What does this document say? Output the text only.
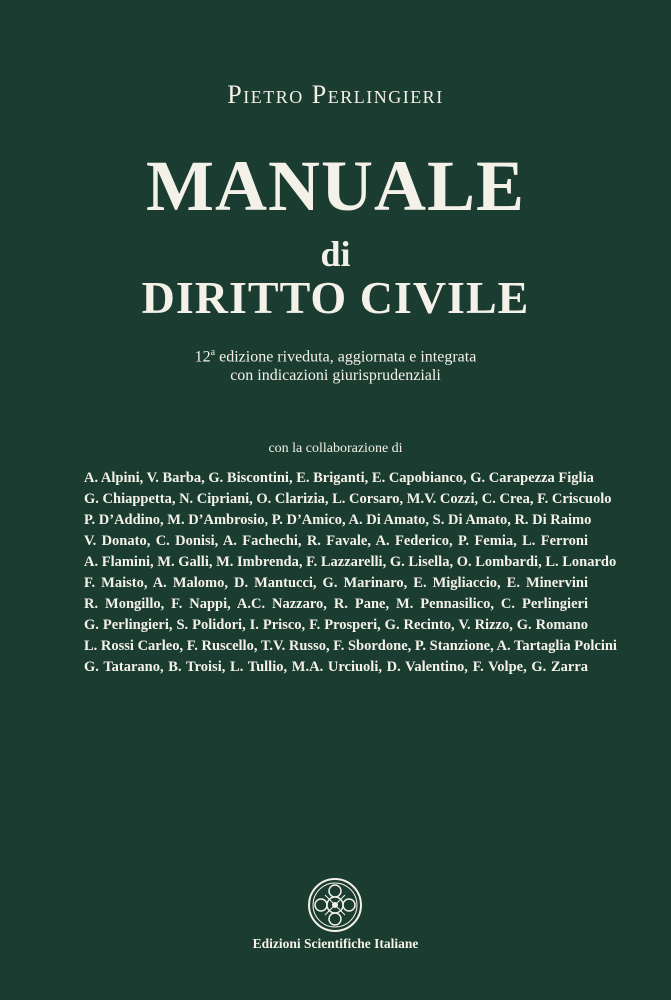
Pietro Perlingieri
MANUALE
di
DIRITTO CIVILE
12$^a$ edizione riveduta, aggiornata e integrata
con indicazioni giurisprudenziali
con la collaborazione di
A. Alpini, V. Barba, G. Biscontini, E. Briganti, E. Capobianco, G. Carapezza Figlia
G. Chiappetta, N. Cipriani, O. Clarizia, L. Corsaro, M.V. Cozzi, C. Crea, F. Criscuolo
P. D’Addino, M. D’Ambrosio, P. D’Amico, A. Di Amato, S. Di Amato, R. Di Raimo
V. Donato, C. Donisi, A. Fachechi, R. Favale, A. Federico, P. Femia, L. Ferroni
A. Flamini, M. Galli, M. Imbrenda, F. Lazzarelli, G. Lisella, O. Lombardi, L. Lonardo
F. Maisto, A. Malomo, D. Mantucci, G. Marinaro, E. Migliaccio, E. Minervini
R. Mongillo, F. Nappi, A.C. Nazzaro, R. Pane, M. Pennasilico, C. Perlingieri
G. Perlingieri, S. Polidori, I. Prisco, F. Prosperi, G. Recinto, V. Rizzo, G. Romano
L. Rossi Carleo, F. Ruscello, T.V. Russo, F. Sbordone, P. Stanzione, A. Tartaglia Polcini
G. Tatarano, B. Troisi, L. Tullio, M.A. Urciuoli, D. Valentino, F. Volpe, G. Zarra
Edizioni Scientifiche Italiane
